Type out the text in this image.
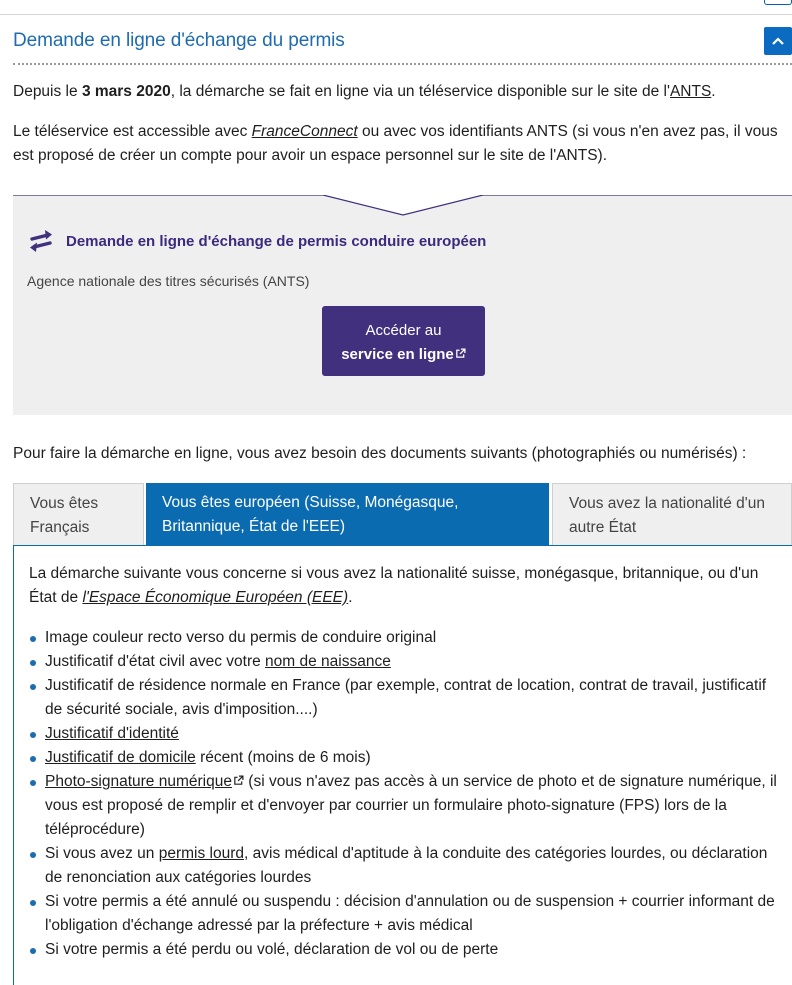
Demande en ligne d'échange du permis

Depuis le 3 mars 2020, la démarche se fait en ligne via un téléservice disponible sur le site de l'ANTS.

Le téléservice est accessible avec FranceConnect ou avec vos identifiants ANTS (si vous n'en avez pas, il vous est proposé de créer un compte pour avoir un espace personnel sur le site de l'ANTS).

Demande en ligne d'échange de permis conduire européen
Agence nationale des titres sécurisés (ANTS)
Accéder au
service en ligne

Pour faire la démarche en ligne, vous avez besoin des documents suivants (photographiés ou numérisés) :

Vous êtes Français
Vous êtes européen (Suisse, Monégasque, Britannique, État de l'EEE)
Vous avez la nationalité d'un autre État

La démarche suivante vous concerne si vous avez la nationalité suisse, monégasque, britannique, ou d'un État de l'Espace Économique Européen (EEE).

Image couleur recto verso du permis de conduire original
Justificatif d'état civil avec votre nom de naissance
Justificatif de résidence normale en France (par exemple, contrat de location, contrat de travail, justificatif de sécurité sociale, avis d'imposition....)
Justificatif d'identité
Justificatif de domicile récent (moins de 6 mois)
Photo-signature numérique (si vous n'avez pas accès à un service de photo et de signature numérique, il vous est proposé de remplir et d'envoyer par courrier un formulaire photo-signature (FPS) lors de la téléprocédure)
Si vous avez un permis lourd, avis médical d'aptitude à la conduite des catégories lourdes, ou déclaration de renonciation aux catégories lourdes
Si votre permis a été annulé ou suspendu : décision d'annulation ou de suspension + courrier informant de l'obligation d'échange adressé par la préfecture + avis médical
Si votre permis a été perdu ou volé, déclaration de vol ou de perte
